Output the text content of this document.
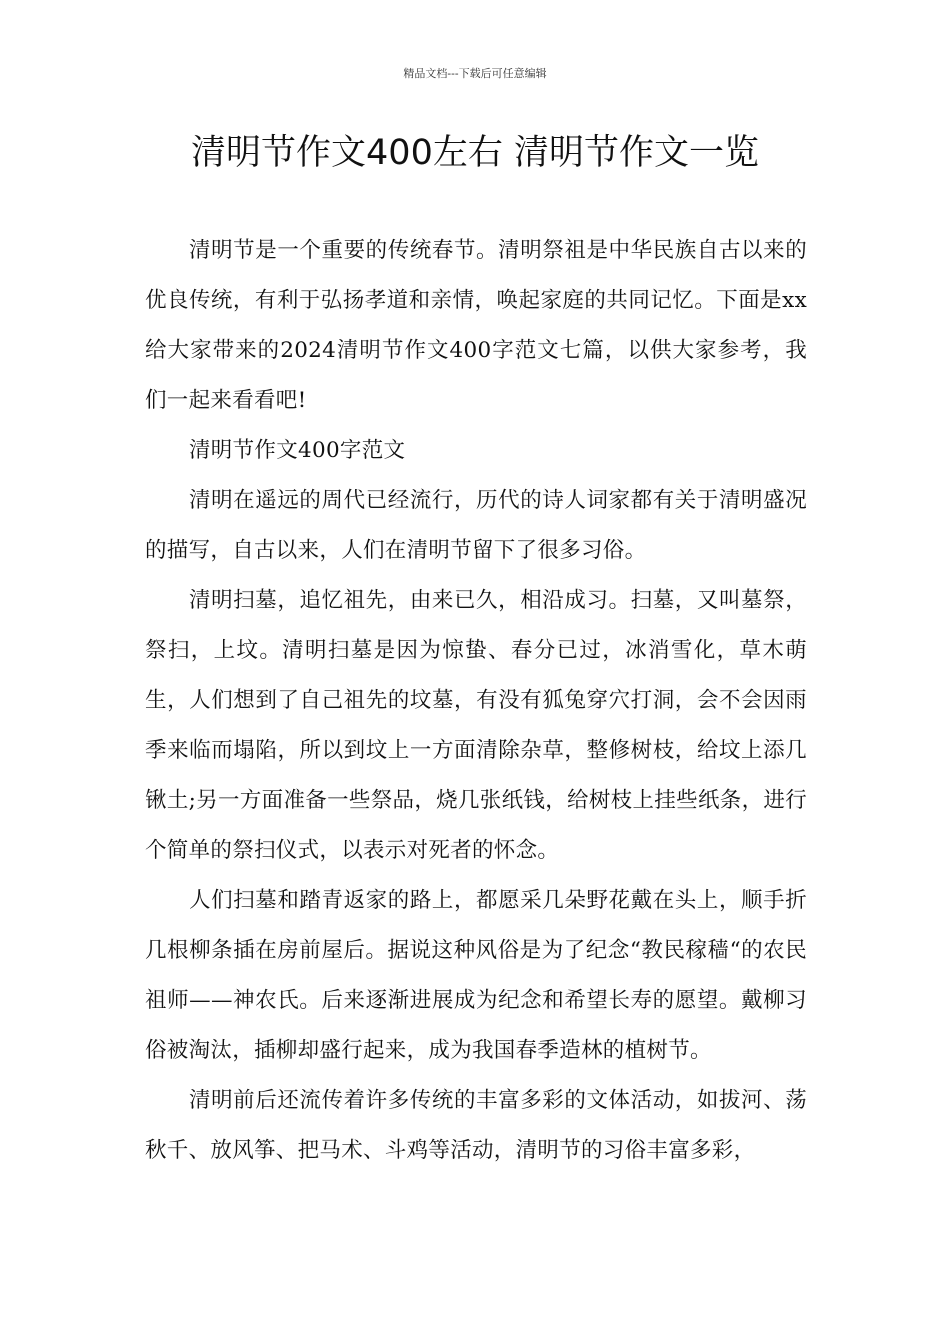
精品文档---下载后可任意编辑
清明节作文400左右 清明节作文一览

清明节是一个重要的传统春节。清明祭祖是中华民族自古以来的优良传统，有利于弘扬孝道和亲情，唤起家庭的共同记忆。下面是xx给大家带来的2024清明节作文400字范文七篇，以供大家参考，我们一起来看看吧!

清明节作文400字范文

清明在遥远的周代已经流行，历代的诗人词家都有关于清明盛况的描写，自古以来，人们在清明节留下了很多习俗。

清明扫墓，追忆祖先，由来已久，相沿成习。扫墓，又叫墓祭，祭扫，上坟。清明扫墓是因为惊蛰、春分已过，冰消雪化，草木萌生，人们想到了自己祖先的坟墓，有没有狐兔穿穴打洞，会不会因雨季来临而塌陷，所以到坟上一方面清除杂草，整修树枝，给坟上添几锹土;另一方面准备一些祭品，烧几张纸钱，给树枝上挂些纸条，进行个简单的祭扫仪式，以表示对死者的怀念。

人们扫墓和踏青返家的路上，都愿采几朵野花戴在头上，顺手折几根柳条插在房前屋后。据说这种风俗是为了纪念“教民稼穑“的农民祖师——神农氏。后来逐渐进展成为纪念和希望长寿的愿望。戴柳习俗被淘汰，插柳却盛行起来，成为我国春季造林的植树节。

清明前后还流传着许多传统的丰富多彩的文体活动，如拔河、荡秋千、放风筝、把马术、斗鸡等活动，清明节的习俗丰富多彩，
